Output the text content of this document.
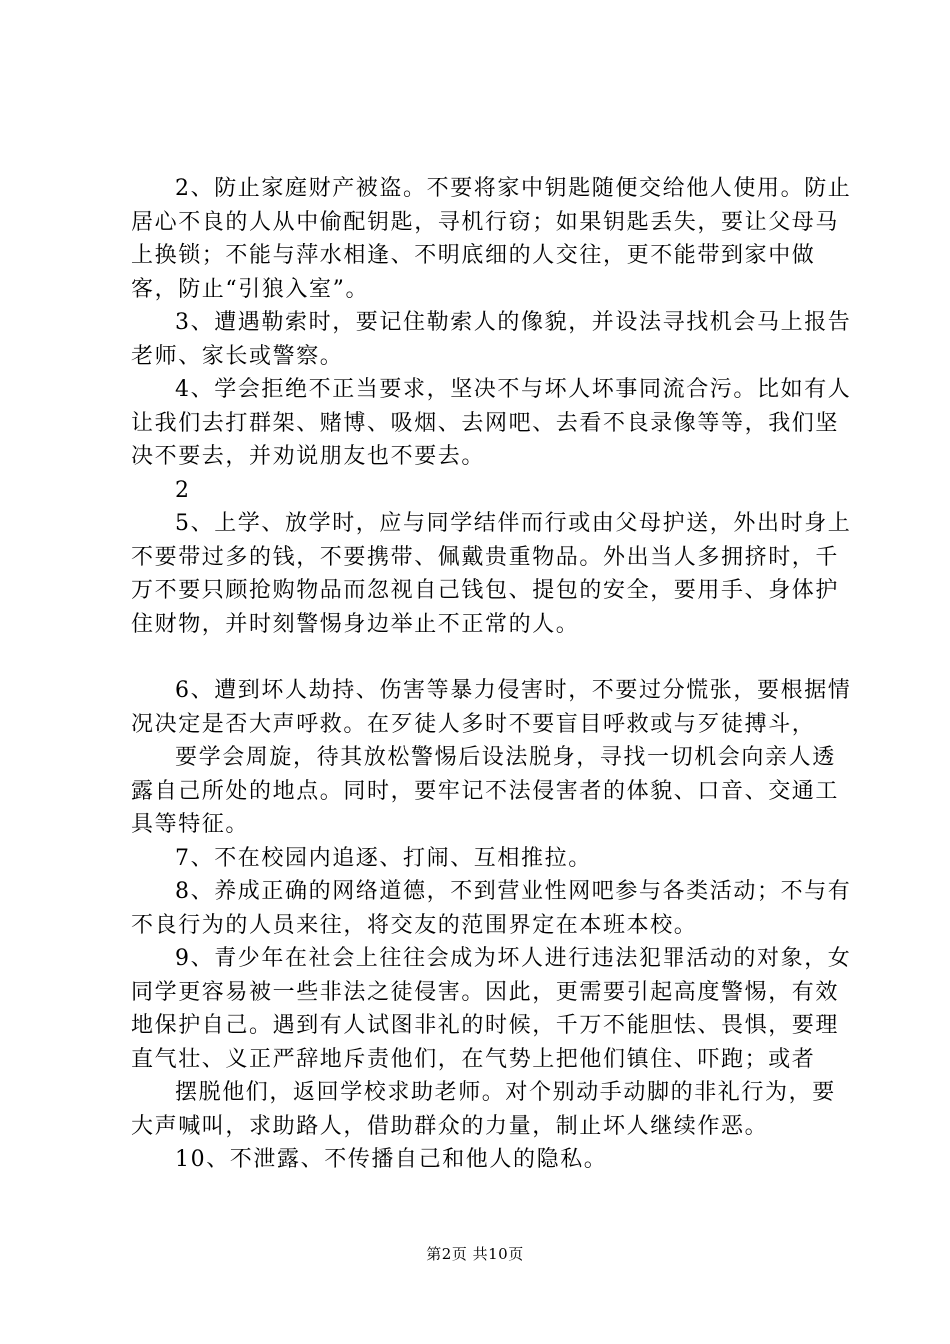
2、防止家庭财产被盗。不要将家中钥匙随便交给他人使用。防止居心不良的人从中偷配钥匙，寻机行窃；如果钥匙丢失，要让父母马上换锁；不能与萍水相逢、不明底细的人交往，更不能带到家中做客，防止“引狼入室”。

3、遭遇勒索时，要记住勒索人的像貌，并设法寻找机会马上报告老师、家长或警察。

4、学会拒绝不正当要求，坚决不与坏人坏事同流合污。比如有人让我们去打群架、赌博、吸烟、去网吧、去看不良录像等等，我们坚决不要去，并劝说朋友也不要去。

2

5、上学、放学时，应与同学结伴而行或由父母护送，外出时身上不要带过多的钱，不要携带、佩戴贵重物品。外出当人多拥挤时，千万不要只顾抢购物品而忽视自己钱包、提包的安全，要用手、身体护住财物，并时刻警惕身边举止不正常的人。

6、遭到坏人劫持、伤害等暴力侵害时，不要过分慌张，要根据情况决定是否大声呼救。在歹徒人多时不要盲目呼救或与歹徒搏斗，

要学会周旋，待其放松警惕后设法脱身，寻找一切机会向亲人透露自己所处的地点。同时，要牢记不法侵害者的体貌、口音、交通工具等特征。

7、不在校园内追逐、打闹、互相推拉。

8、养成正确的网络道德，不到营业性网吧参与各类活动；不与有不良行为的人员来往，将交友的范围界定在本班本校。

9、青少年在社会上往往会成为坏人进行违法犯罪活动的对象，女同学更容易被一些非法之徒侵害。因此，更需要引起高度警惕，有效地保护自己。遇到有人试图非礼的时候，千万不能胆怯、畏惧，要理直气壮、义正严辞地斥责他们，在气势上把他们镇住、吓跑；或者

摆脱他们，返回学校求助老师。对个别动手动脚的非礼行为，要大声喊叫，求助路人，借助群众的力量，制止坏人继续作恶。

10、不泄露、不传播自己和他人的隐私。

第2页 共10页
